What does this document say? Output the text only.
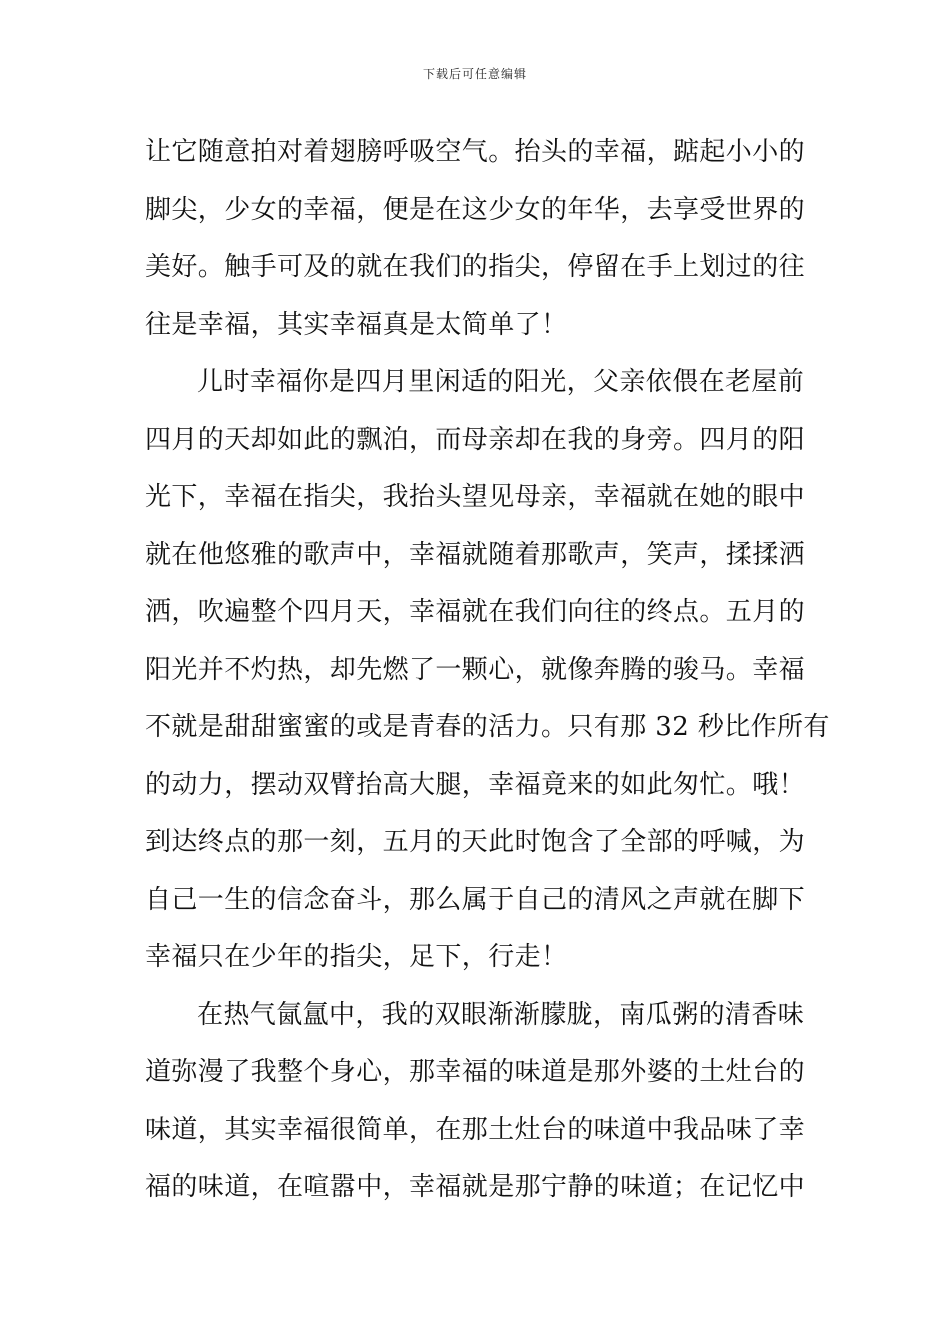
下载后可任意编辑
让它随意拍对着翅膀呼吸空气。抬头的幸福，踮起小小的
脚尖，少女的幸福，便是在这少女的年华，去享受世界的
美好。触手可及的就在我们的指尖，停留在手上划过的往
往是幸福，其实幸福真是太简单了！
儿时幸福你是四月里闲适的阳光，父亲依偎在老屋前
四月的天却如此的飘泊，而母亲却在我的身旁。四月的阳
光下，幸福在指尖，我抬头望见母亲，幸福就在她的眼中
就在他悠雅的歌声中，幸福就随着那歌声，笑声，揉揉洒
洒，吹遍整个四月天，幸福就在我们向往的终点。五月的
阳光并不灼热，却先燃了一颗心，就像奔腾的骏马。幸福
不就是甜甜蜜蜜的或是青春的活力。只有那 32 秒比作所有
的动力，摆动双臂抬高大腿，幸福竟来的如此匆忙。哦！
到达终点的那一刻，五月的天此时饱含了全部的呼喊，为
自己一生的信念奋斗，那么属于自己的清风之声就在脚下
幸福只在少年的指尖，足下，行走！
在热气氤氲中，我的双眼渐渐朦胧，南瓜粥的清香味
道弥漫了我整个身心，那幸福的味道是那外婆的土灶台的
味道，其实幸福很简单，在那土灶台的味道中我品味了幸
福的味道，在喧嚣中，幸福就是那宁静的味道；在记忆中
